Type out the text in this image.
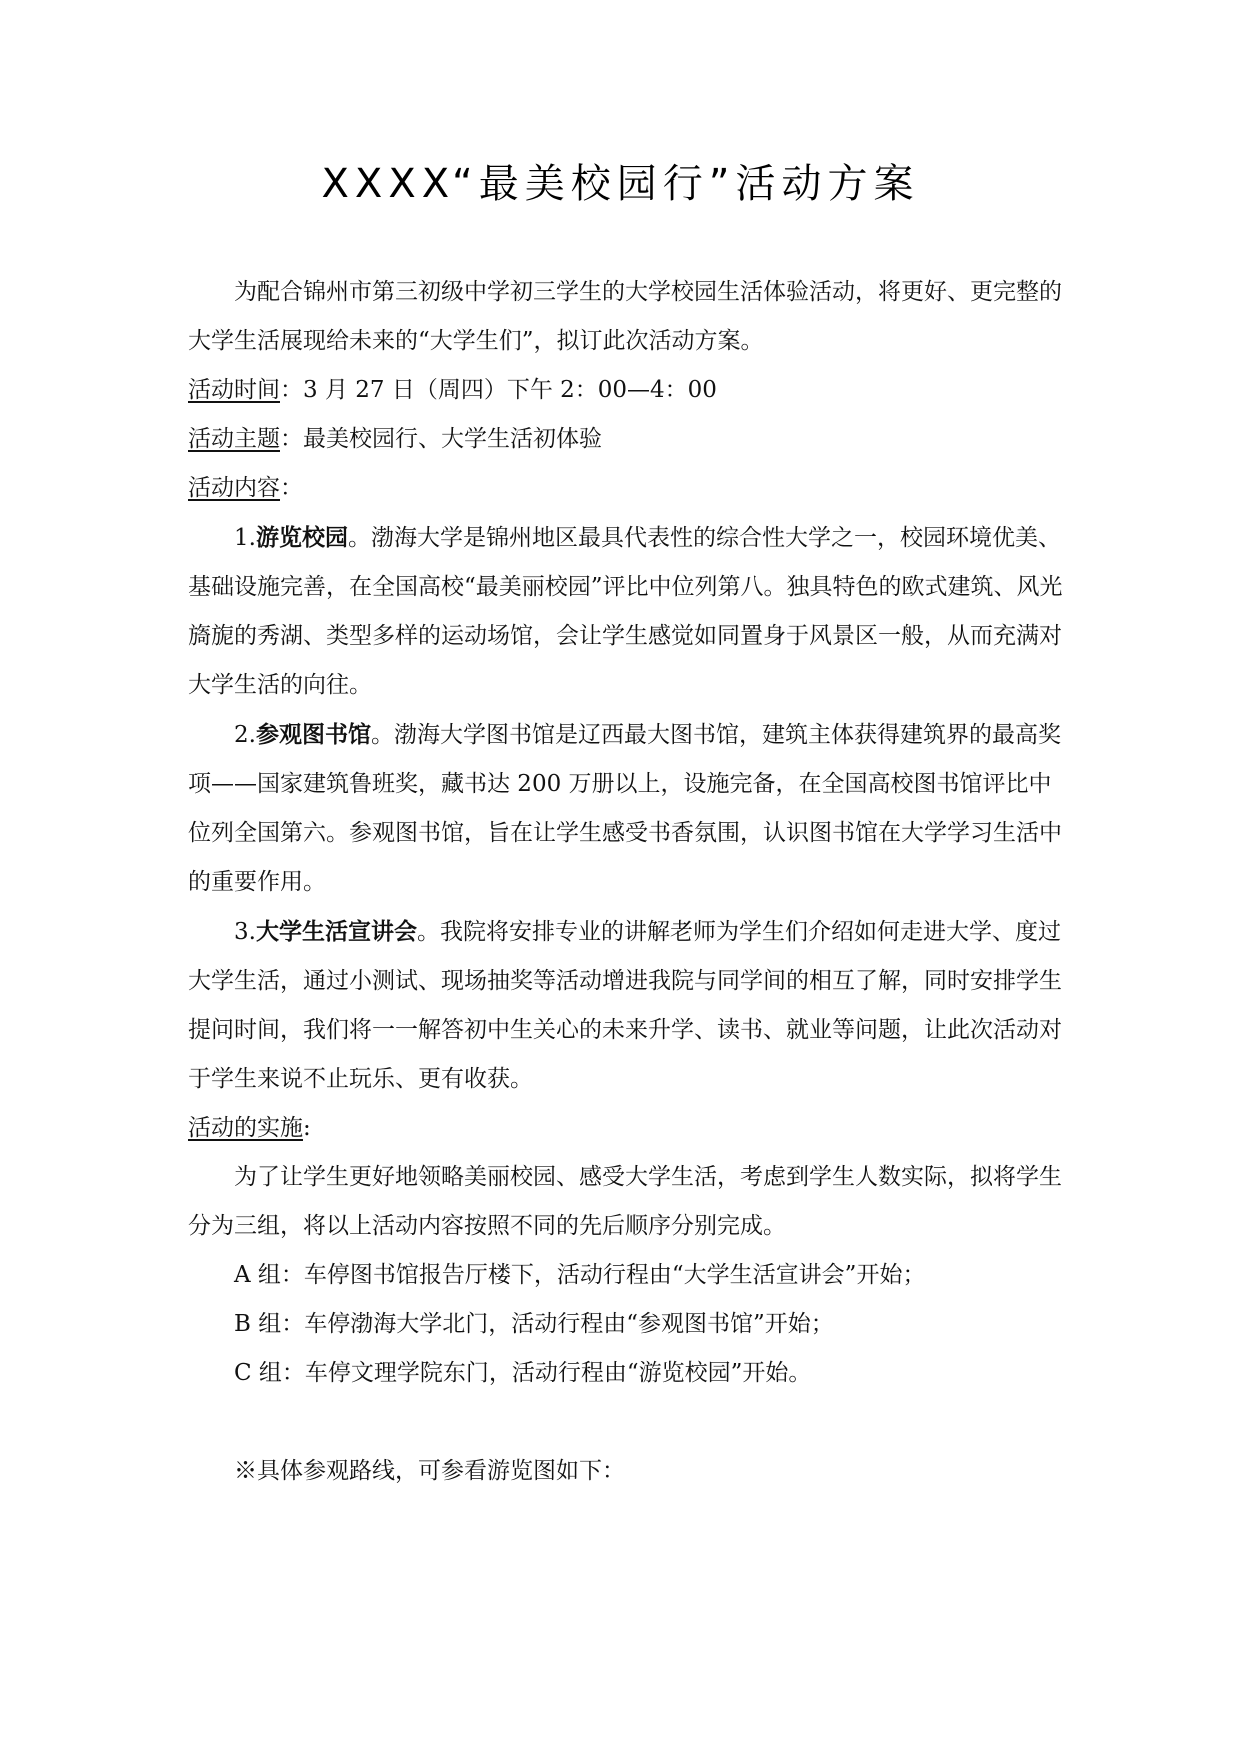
XXXX“最美校园行”活动方案

为配合锦州市第三初级中学初三学生的大学校园生活体验活动，将更好、更完整的大学生活展现给未来的“大学生们”，拟订此次活动方案。

活动时间：3 月 27 日（周四）下午 2：00—4：00

活动主题：最美校园行、大学生活初体验

活动内容：

1.游览校园。渤海大学是锦州地区最具代表性的综合性大学之一，校园环境优美、基础设施完善，在全国高校“最美丽校园”评比中位列第八。独具特色的欧式建筑、风光旖旎的秀湖、类型多样的运动场馆，会让学生感觉如同置身于风景区一般，从而充满对大学生活的向往。

2.参观图书馆。渤海大学图书馆是辽西最大图书馆，建筑主体获得建筑界的最高奖项——国家建筑鲁班奖，藏书达 200 万册以上，设施完备，在全国高校图书馆评比中位列全国第六。参观图书馆，旨在让学生感受书香氛围，认识图书馆在大学学习生活中的重要作用。

3.大学生活宣讲会。我院将安排专业的讲解老师为学生们介绍如何走进大学、度过大学生活，通过小测试、现场抽奖等活动增进我院与同学间的相互了解，同时安排学生提问时间，我们将一一解答初中生关心的未来升学、读书、就业等问题，让此次活动对于学生来说不止玩乐、更有收获。

活动的实施:

为了让学生更好地领略美丽校园、感受大学生活，考虑到学生人数实际，拟将学生分为三组，将以上活动内容按照不同的先后顺序分别完成。

A 组：车停图书馆报告厅楼下，活动行程由“大学生活宣讲会”开始；

B 组：车停渤海大学北门，活动行程由“参观图书馆”开始；

C 组：车停文理学院东门，活动行程由“游览校园”开始。

※具体参观路线，可参看游览图如下：
